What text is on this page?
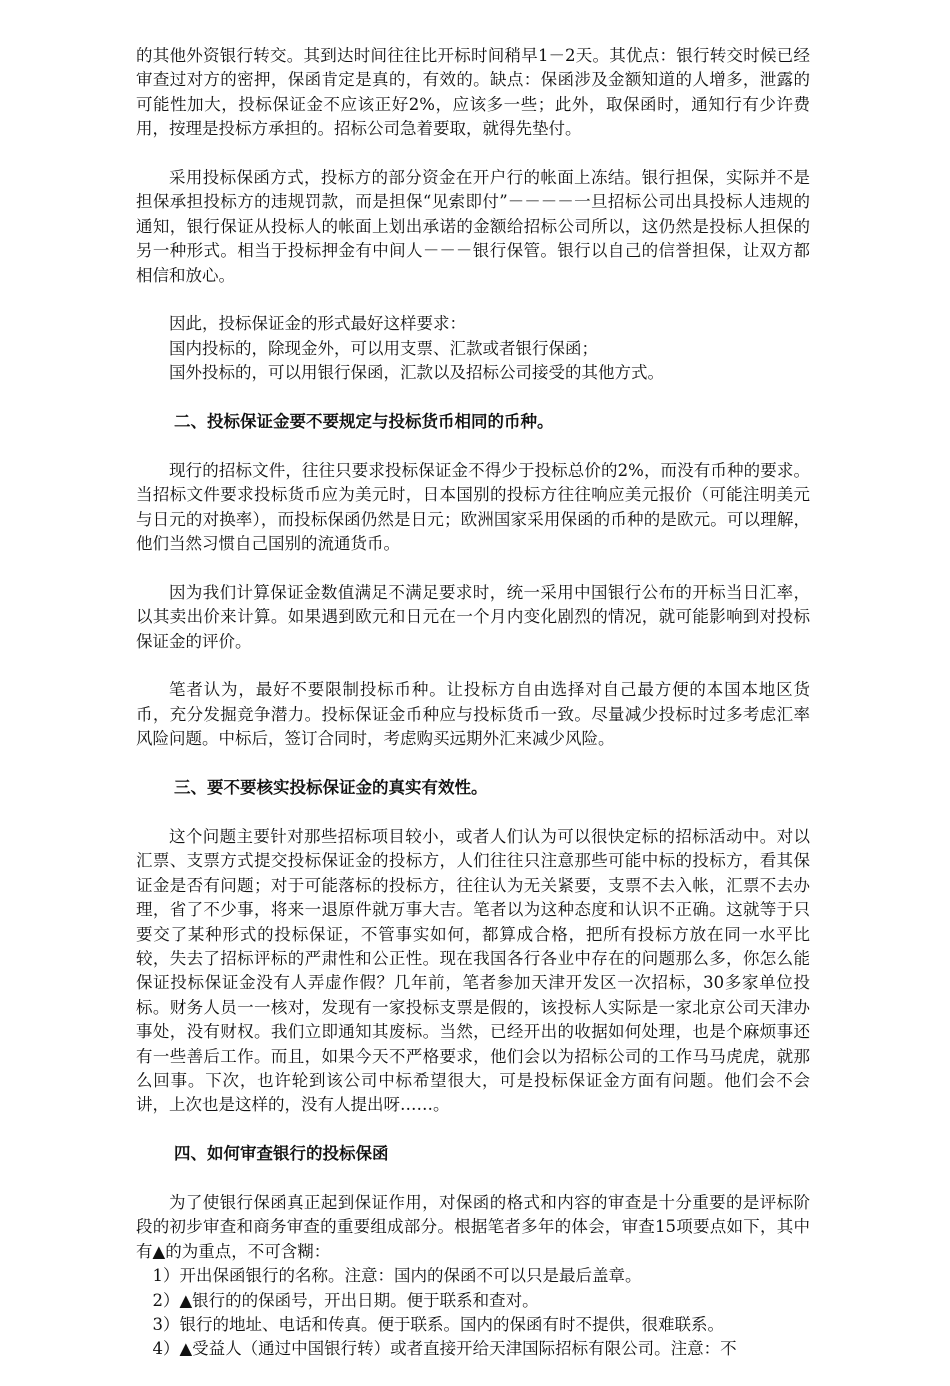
的其他外资银行转交。其到达时间往往比开标时间稍早1－2天。其优点：银行转交时候已经审查过对方的密押，保函肯定是真的，有效的。缺点：保函涉及金额知道的人增多，泄露的可能性加大，投标保证金不应该正好2%，应该多一些；此外，取保函时，通知行有少许费用，按理是投标方承担的。招标公司急着要取，就得先垫付。

采用投标保函方式，投标方的部分资金在开户行的帐面上冻结。银行担保，实际并不是担保承担投标方的违规罚款，而是担保“见索即付”－－－－一旦招标公司出具投标人违规的通知，银行保证从投标人的帐面上划出承诺的金额给招标公司所以，这仍然是投标人担保的另一种形式。相当于投标押金有中间人－－－银行保管。银行以自己的信誉担保，让双方都相信和放心。

因此，投标保证金的形式最好这样要求：

国内投标的，除现金外，可以用支票、汇款或者银行保函；

国外投标的，可以用银行保函，汇款以及招标公司接受的其他方式。

二、投标保证金要不要规定与投标货币相同的币种。

现行的招标文件，往往只要求投标保证金不得少于投标总价的2%，而没有币种的要求。当招标文件要求投标货币应为美元时，日本国别的投标方往往响应美元报价（可能注明美元与日元的对换率），而投标保函仍然是日元；欧洲国家采用保函的币种的是欧元。可以理解，他们当然习惯自己国别的流通货币。

因为我们计算保证金数值满足不满足要求时，统一采用中国银行公布的开标当日汇率，以其卖出价来计算。如果遇到欧元和日元在一个月内变化剧烈的情况，就可能影响到对投标保证金的评价。

笔者认为，最好不要限制投标币种。让投标方自由选择对自己最方便的本国本地区货币，充分发掘竞争潜力。投标保证金币种应与投标货币一致。尽量减少投标时过多考虑汇率风险问题。中标后，签订合同时，考虑购买远期外汇来减少风险。

三、要不要核实投标保证金的真实有效性。

这个问题主要针对那些招标项目较小，或者人们认为可以很快定标的招标活动中。对以汇票、支票方式提交投标保证金的投标方，人们往往只注意那些可能中标的投标方，看其保证金是否有问题；对于可能落标的投标方，往往认为无关紧要，支票不去入帐，汇票不去办理，省了不少事，将来一退原件就万事大吉。笔者以为这种态度和认识不正确。这就等于只要交了某种形式的投标保证，不管事实如何，都算成合格，把所有投标方放在同一水平比较，失去了招标评标的严肃性和公正性。现在我国各行各业中存在的问题那么多，你怎么能保证投标保证金没有人弄虚作假？几年前，笔者参加天津开发区一次招标，30多家单位投标。财务人员一一核对，发现有一家投标支票是假的，该投标人实际是一家北京公司天津办事处，没有财权。我们立即通知其废标。当然，已经开出的收据如何处理，也是个麻烦事还有一些善后工作。而且，如果今天不严格要求，他们会以为招标公司的工作马马虎虎，就那么回事。下次，也许轮到该公司中标希望很大，可是投标保证金方面有问题。他们会不会讲，上次也是这样的，没有人提出呀……。

四、如何审查银行的投标保函

为了使银行保函真正起到保证作用，对保函的格式和内容的审查是十分重要的是评标阶段的初步审查和商务审查的重要组成部分。根据笔者多年的体会，审查15项要点如下，其中有▲的为重点，不可含糊：

1）开出保函银行的名称。注意：国内的保函不可以只是最后盖章。

2）▲银行的的保函号，开出日期。便于联系和查对。

3）银行的地址、电话和传真。便于联系。国内的保函有时不提供，很难联系。

4）▲受益人（通过中国银行转）或者直接开给天津国际招标有限公司。注意：不
